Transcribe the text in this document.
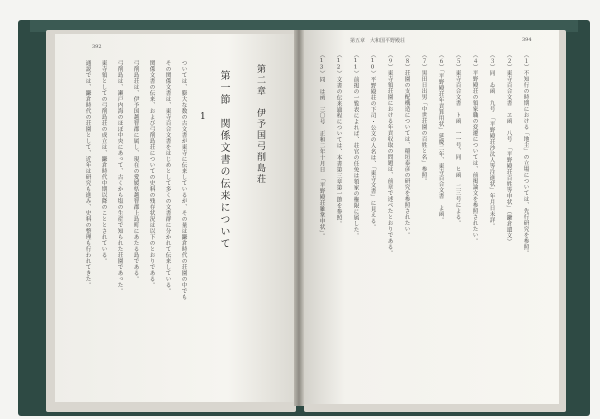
392
通説では、鎌倉時代の荘園として、近年は研究も進み、史料の整理も行われてきた。 東寺領としての弓削島荘の成立は、鎌倉時代中期以降のこととされている。 弓削島は、瀬戸内海のほぼ中央にあって、古くから塩の生産で知られた荘園であった。 弓削島荘は、伊予国越智郡に属し、現在の愛媛県越智郡上島町にあたる島である。 関係文書の伝来、および弓削島荘についての史料の残存状況は以下のとおりである。 その関係文書は、東寺百合文書をはじめとして多くの文書群に分かれて伝来している。 ついては、膨大な数の古文書が東寺に伝来しているが、その量は鎌倉時代の荘園の中でも 1 第一節　関係文書の伝来について	第二章　伊予国弓削島荘
第五章　大和国平野殿荘	394
（13）同　は函　三〇号　正和二年十月日　「平野殿荘雑掌申状」。 （12）文書の伝来過程については、本書第三章第一節を参照。 （11）前掲の一覧表によれば、荘官の任免は領家の権限に属した。 （10）平野殿荘の下司・公文の人名は、「東寺文書」に見える。 （９）東寺領荘園における年貢収取の問題は、前章で述べたとおりである。 （８）荘園の支配構造については、稲垣泰彦の研究を参照されたい。 （７）黒田日出男「中世荘園の百姓と名」参照。 （６）「平野殿荘年貢算用状」延慶二年、東寺百合文書　よ函。 （５）東寺百合文書　ト函　一一号、同　ヒ函　二三号による。 （４）平野殿荘の領家職の変遷については、前掲論文を参照されたい。 （３）同　ゐ函　九号　「平野殿荘沙汰人等注進状」年月日未詳。 （２）東寺百合文書　ヱ函　八号　「平野殿荘百姓等申状」（鎌倉遺文） （１）不知行の時期における「地主」の立場については、先行研究を参照。
